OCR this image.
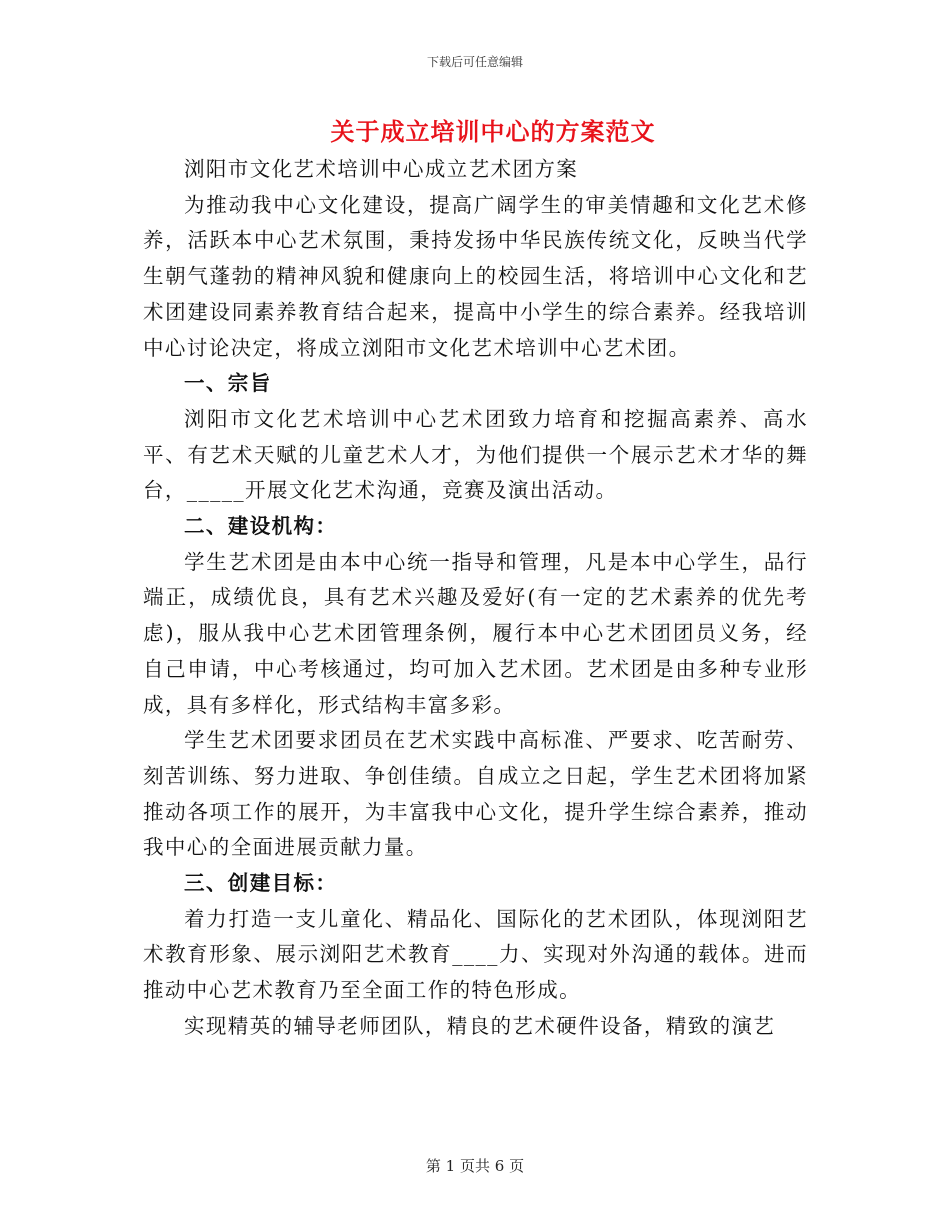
下载后可任意编辑
关于成立培训中心的方案范文

浏阳市文化艺术培训中心成立艺术团方案

为推动我中心文化建设，提高广阔学生的审美情趣和文化艺术修养，活跃本中心艺术氛围，秉持发扬中华民族传统文化，反映当代学生朝气蓬勃的精神风貌和健康向上的校园生活，将培训中心文化和艺术团建设同素养教育结合起来，提高中小学生的综合素养。经我培训中心讨论决定，将成立浏阳市文化艺术培训中心艺术团。

一、宗旨

浏阳市文化艺术培训中心艺术团致力培育和挖掘高素养、高水平、有艺术天赋的儿童艺术人才，为他们提供一个展示艺术才华的舞台，_____开展文化艺术沟通，竞赛及演出活动。

二、建设机构：

学生艺术团是由本中心统一指导和管理，凡是本中心学生，品行端正，成绩优良，具有艺术兴趣及爱好(有一定的艺术素养的优先考虑)，服从我中心艺术团管理条例，履行本中心艺术团团员义务，经自己申请，中心考核通过，均可加入艺术团。艺术团是由多种专业形成，具有多样化，形式结构丰富多彩。

学生艺术团要求团员在艺术实践中高标准、严要求、吃苦耐劳、刻苦训练、努力进取、争创佳绩。自成立之日起，学生艺术团将加紧推动各项工作的展开，为丰富我中心文化，提升学生综合素养，推动我中心的全面进展贡献力量。

三、创建目标：

着力打造一支儿童化、精品化、国际化的艺术团队，体现浏阳艺术教育形象、展示浏阳艺术教育____力、实现对外沟通的载体。进而推动中心艺术教育乃至全面工作的特色形成。

实现精英的辅导老师团队，精良的艺术硬件设备，精致的演艺

第 1 页共 6 页
